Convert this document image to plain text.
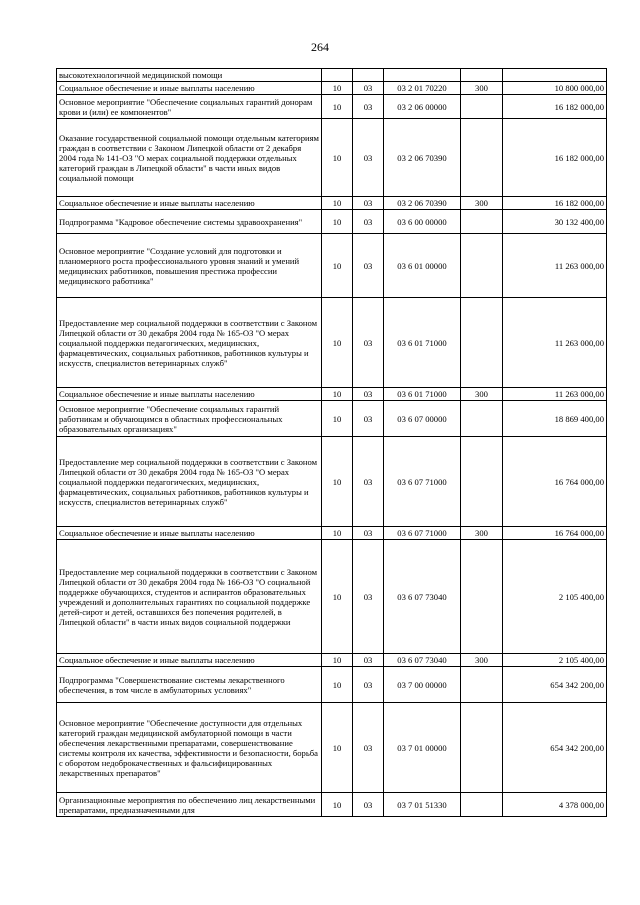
264
высокотехнологичной медицинской помощи					
Социальное обеспечение и иные выплаты населению	10	03	03 2 01 70220	300	10 800 000,00
Основное мероприятие "Обеспечение социальных гарантий донорам крови и (или) ее компонентов"	10	03	03 2 06 00000		16 182 000,00
Оказание государственной социальной помощи отдельным категориям граждан в соответствии с Законом Липецкой области от 2 декабря 2004 года № 141-ОЗ "О мерах социальной поддержки отдельных категорий граждан в Липецкой области" в части иных видов социальной помощи	10	03	03 2 06 70390		16 182 000,00
Социальное обеспечение и иные выплаты населению	10	03	03 2 06 70390	300	16 182 000,00
Подпрограмма "Кадровое обеспечение системы здравоохранения"	10	03	03 6 00 00000		30 132 400,00
Основное мероприятие "Создание условий для подготовки и планомерного роста профессионального уровня знаний и умений медицинских работников, повышения престижа профессии медицинского работника"	10	03	03 6 01 00000		11 263 000,00
Предоставление мер социальной поддержки в соответствии с Законом Липецкой области от 30 декабря 2004 года № 165-ОЗ "О мерах социальной поддержки педагогических, медицинских, фармацевтических, социальных работников, работников культуры и искусств, специалистов ветеринарных служб"	10	03	03 6 01 71000		11 263 000,00
Социальное обеспечение и иные выплаты населению	10	03	03 6 01 71000	300	11 263 000,00
Основное мероприятие "Обеспечение социальных гарантий работникам и обучающимся в областных профессиональных образовательных организациях"	10	03	03 6 07 00000		18 869 400,00
Предоставление мер социальной поддержки в соответствии с Законом Липецкой области от 30 декабря 2004 года № 165-ОЗ "О мерах социальной поддержки педагогических, медицинских, фармацевтических, социальных работников, работников культуры и искусств, специалистов ветеринарных служб"	10	03	03 6 07 71000		16 764 000,00
Социальное обеспечение и иные выплаты населению	10	03	03 6 07 71000	300	16 764 000,00
Предоставление мер социальной поддержки в соответствии с Законом Липецкой области от 30 декабря 2004 года № 166-ОЗ "О социальной поддержке обучающихся, студентов и аспирантов образовательных учреждений и дополнительных гарантиях по социальной поддержке детей-сирот и детей, оставшихся без попечения родителей, в Липецкой области" в части иных видов социальной поддержки	10	03	03 6 07 73040		2 105 400,00
Социальное обеспечение и иные выплаты населению	10	03	03 6 07 73040	300	2 105 400,00
Подпрограмма "Совершенствование системы лекарственного обеспечения, в том числе в амбулаторных условиях"	10	03	03 7 00 00000		654 342 200,00
Основное мероприятие "Обеспечение доступности для отдельных категорий граждан медицинской амбулаторной помощи в части обеспечения лекарственными препаратами, совершенствование системы контроля их качества, эффективности и безопасности, борьба с оборотом недоброкачественных и фальсифицированных лекарственных препаратов"	10	03	03 7 01 00000		654 342 200,00
Организационные мероприятия по обеспечению лиц лекарственными препаратами, предназначенными для	10	03	03 7 01 51330		4 378 000,00
